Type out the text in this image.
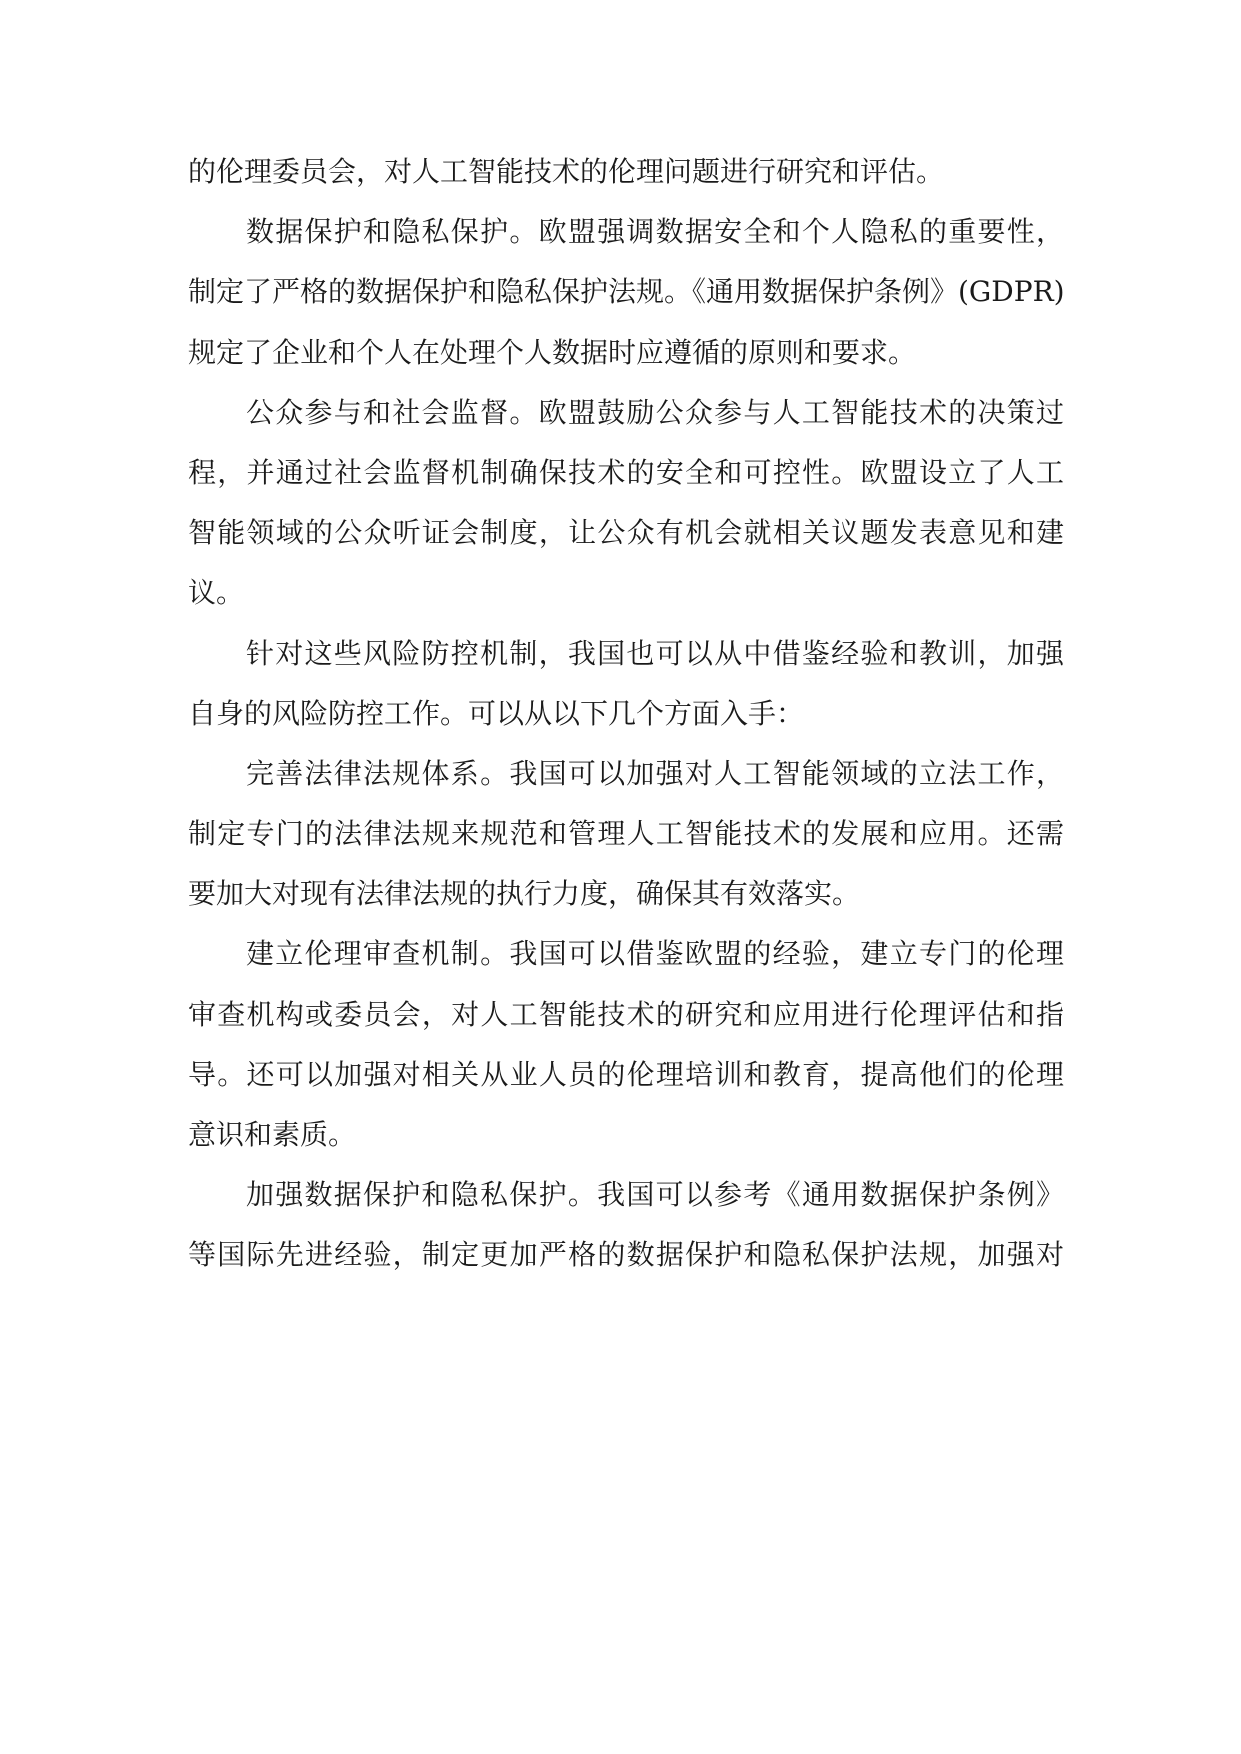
的伦理委员会，对人工智能技术的伦理问题进行研究和评估。
数据保护和隐私保护。欧盟强调数据安全和个人隐私的重要性，
制定了严格的数据保护和隐私保护法规。《通用数据保护条例》(GDPR)
规定了企业和个人在处理个人数据时应遵循的原则和要求。
公众参与和社会监督。欧盟鼓励公众参与人工智能技术的决策过
程，并通过社会监督机制确保技术的安全和可控性。欧盟设立了人工
智能领域的公众听证会制度，让公众有机会就相关议题发表意见和建
议。
针对这些风险防控机制，我国也可以从中借鉴经验和教训，加强
自身的风险防控工作。可以从以下几个方面入手：
完善法律法规体系。我国可以加强对人工智能领域的立法工作，
制定专门的法律法规来规范和管理人工智能技术的发展和应用。还需
要加大对现有法律法规的执行力度，确保其有效落实。
建立伦理审查机制。我国可以借鉴欧盟的经验，建立专门的伦理
审查机构或委员会，对人工智能技术的研究和应用进行伦理评估和指
导。还可以加强对相关从业人员的伦理培训和教育，提高他们的伦理
意识和素质。
加强数据保护和隐私保护。我国可以参考《通用数据保护条例》
等国际先进经验，制定更加严格的数据保护和隐私保护法规，加强对
